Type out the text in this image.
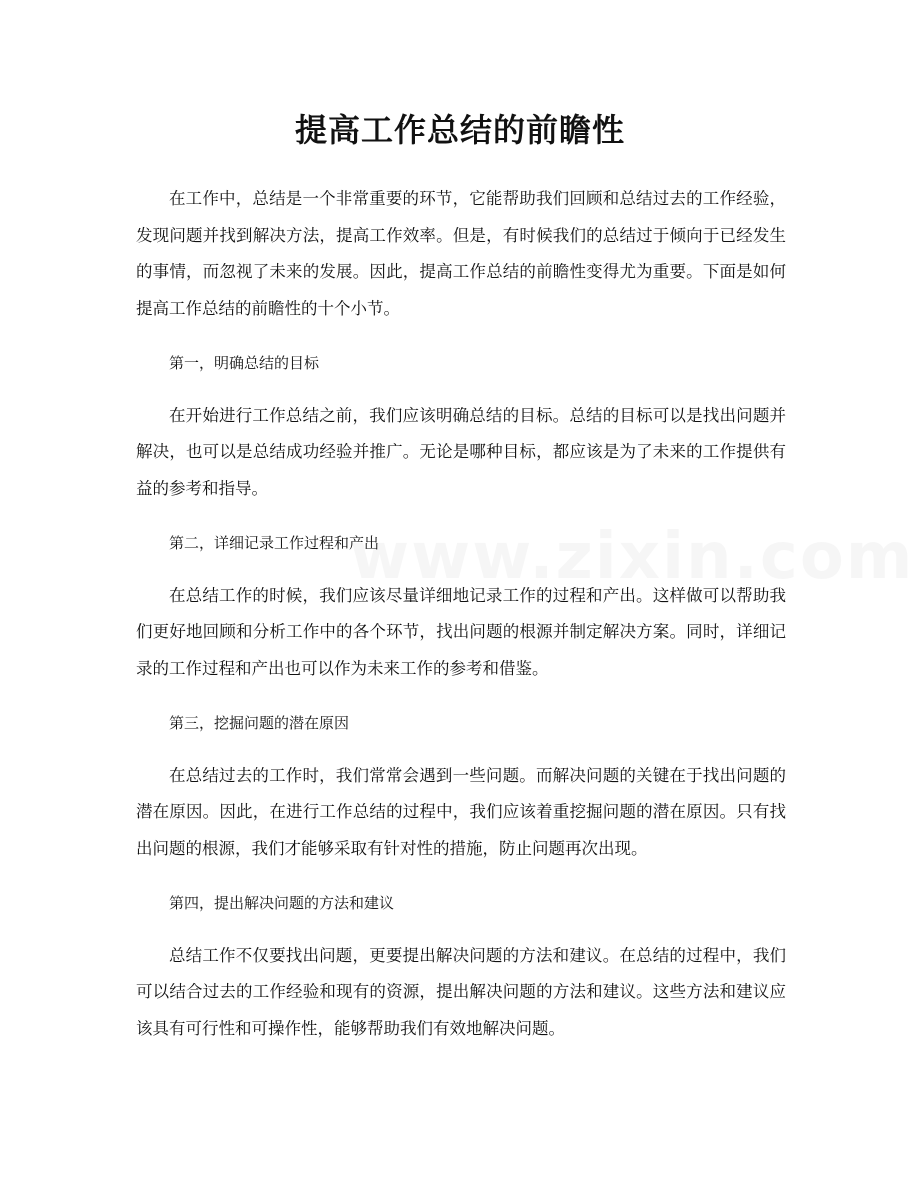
提高工作总结的前瞻性

在工作中，总结是一个非常重要的环节，它能帮助我们回顾和总结过去的工作经验，发现问题并找到解决方法，提高工作效率。但是，有时候我们的总结过于倾向于已经发生的事情，而忽视了未来的发展。因此，提高工作总结的前瞻性变得尤为重要。下面是如何提高工作总结的前瞻性的十个小节。

第一，明确总结的目标

在开始进行工作总结之前，我们应该明确总结的目标。总结的目标可以是找出问题并解决，也可以是总结成功经验并推广。无论是哪种目标，都应该是为了未来的工作提供有益的参考和指导。

第二，详细记录工作过程和产出

在总结工作的时候，我们应该尽量详细地记录工作的过程和产出。这样做可以帮助我们更好地回顾和分析工作中的各个环节，找出问题的根源并制定解决方案。同时，详细记录的工作过程和产出也可以作为未来工作的参考和借鉴。

第三，挖掘问题的潜在原因

在总结过去的工作时，我们常常会遇到一些问题。而解决问题的关键在于找出问题的潜在原因。因此，在进行工作总结的过程中，我们应该着重挖掘问题的潜在原因。只有找出问题的根源，我们才能够采取有针对性的措施，防止问题再次出现。

第四，提出解决问题的方法和建议

总结工作不仅要找出问题，更要提出解决问题的方法和建议。在总结的过程中，我们可以结合过去的工作经验和现有的资源，提出解决问题的方法和建议。这些方法和建议应该具有可行性和可操作性，能够帮助我们有效地解决问题。
